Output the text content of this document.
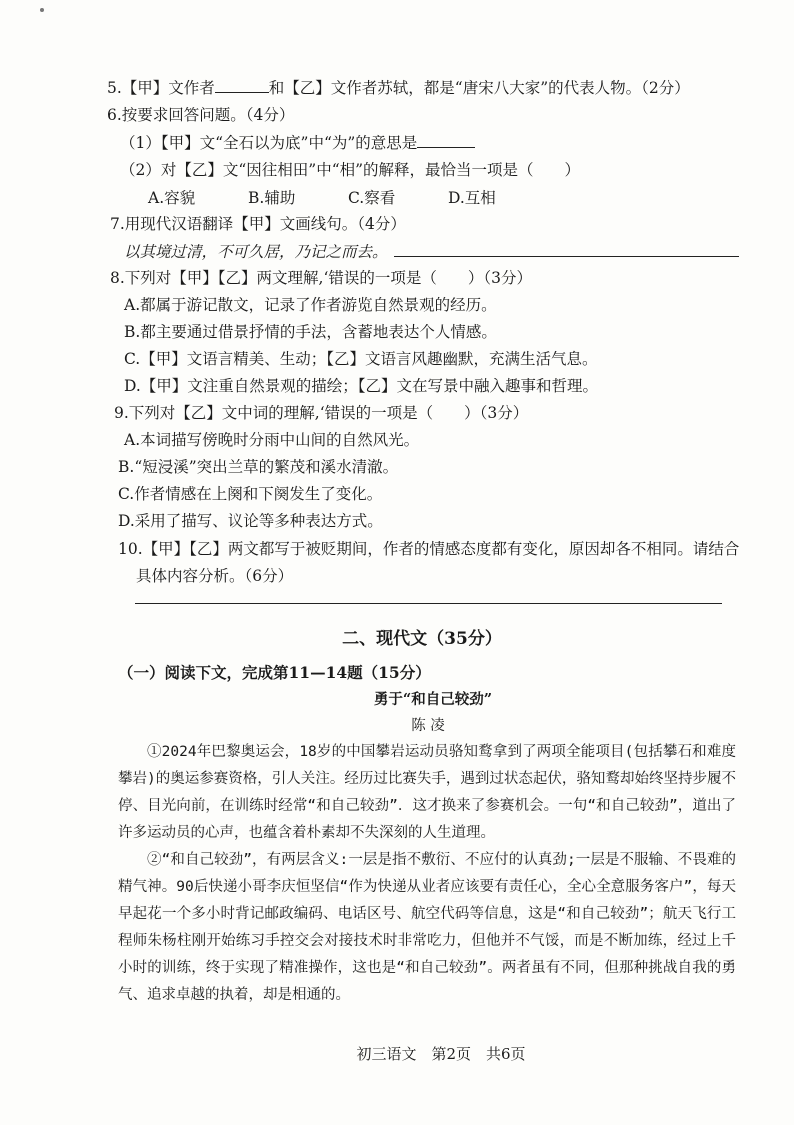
5.【甲】文作者	和【乙】文作者苏轼，都是“唐宋八大家”的代表人物。（2分）
6.按要求回答问题。（4分）
（1）【甲】文“全石以为底”中“为”的意思是
（2）对【乙】文“因往相田”中“相”的解释，最恰当一项是（　　）
A.容貌	B.辅助	C.察看	D.互相
7.用现代汉语翻译【甲】文画线句。（4分）
以其境过清，不可久居，乃记之而去。
8.下列对【甲】【乙】两文理解,‘错误的一项是（　　）（3分）
A.都属于游记散文，记录了作者游览自然景观的经历。
B.都主要通过借景抒情的手法，含蓄地表达个人情感。
C.【甲】文语言精美、生动；【乙】文语言风趣幽默，充满生活气息。
D.【甲】文注重自然景观的描绘；【乙】文在写景中融入趣事和哲理。
9.下列对【乙】文中词的理解,‘错误的一项是（　　）（3分）
A.本词描写傍晚时分雨中山间的自然风光。
B.“短浸溪”突出兰草的繁茂和溪水清澈。
C.作者情感在上阕和下阕发生了变化。
D.采用了描写、议论等多种表达方式。
10.【甲】【乙】两文都写于被贬期间，作者的情感态度都有变化，原因却各不相同。请结合
具体内容分析。（6分）
二、现代文（35分）
（一）阅读下文，完成第11—14题（15分）
勇于“和自己较劲”
陈 凌

①2024年巴黎奥运会，18岁的中国攀岩运动员骆知鹜拿到了两项全能项目(包括攀石和难度攀岩)的奥运参赛资格，引人关注。经历过比赛失手，遇到过状态起伏，骆知鹜却始终坚持步履不停、目光向前，在训练时经常“和自己较劲”．这才换来了参赛机会。一句“和自己较劲”，道出了许多运动员的心声，也蕴含着朴素却不失深刻的人生道理。

②“和自己较劲”，有两层含义:一层是指不敷衍、不应付的认真劲;一层是不服输、不畏难的精气神。90后快递小哥李庆恒坚信“作为快递从业者应该要有责任心，全心全意服务客户”，每天早起花一个多小时背记邮政编码、电话区号、航空代码等信息，这是“和自己较劲”；航天飞行工程师朱杨柱刚开始练习手控交会对接技术时非常吃力，但他并不气馁，而是不断加练，经过上千小时的训练，终于实现了精准操作，这也是“和自己较劲”。两者虽有不同，但那种挑战自我的勇气、追求卓越的执着，却是相通的。

初三语文　第2页　共6页
